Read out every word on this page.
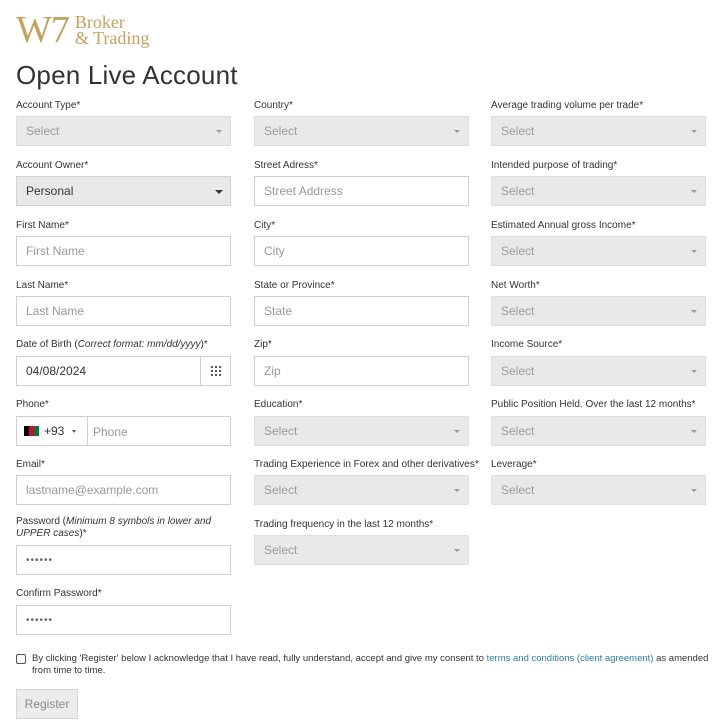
W7 Broker
& Trading
Open Live Account
Account Type*
Select
Account Owner*
Personal
First Name*
First Name
Last Name*
Last Name
Date of Birth (Correct format: mm/dd/yyyy)*
04/08/2024
Phone*
+93 Phone
Email*
lastname@example.com
Password (Minimum 8 symbols in lower and UPPER cases)*
••••••
Confirm Password*
••••••
Country*
Select
Street Adress*
Street Address
City*
City
State or Province*
State
Zip*
Zip
Education*
Select
Trading Experience in Forex and other derivatives*
Select
Trading frequency in the last 12 months*
Select
Average trading volume per trade*
Select
Intended purpose of trading*
Select
Estimated Annual gross Income*
Select
Net Worth*
Select
Income Source*
Select
Public Position Held. Over the last 12 months*
Select
Leverage*
Select
By clicking 'Register' below I acknowledge that I have read, fully understand, accept and give my consent to terms and conditions (client agreement) as amended from time to time.
Register
